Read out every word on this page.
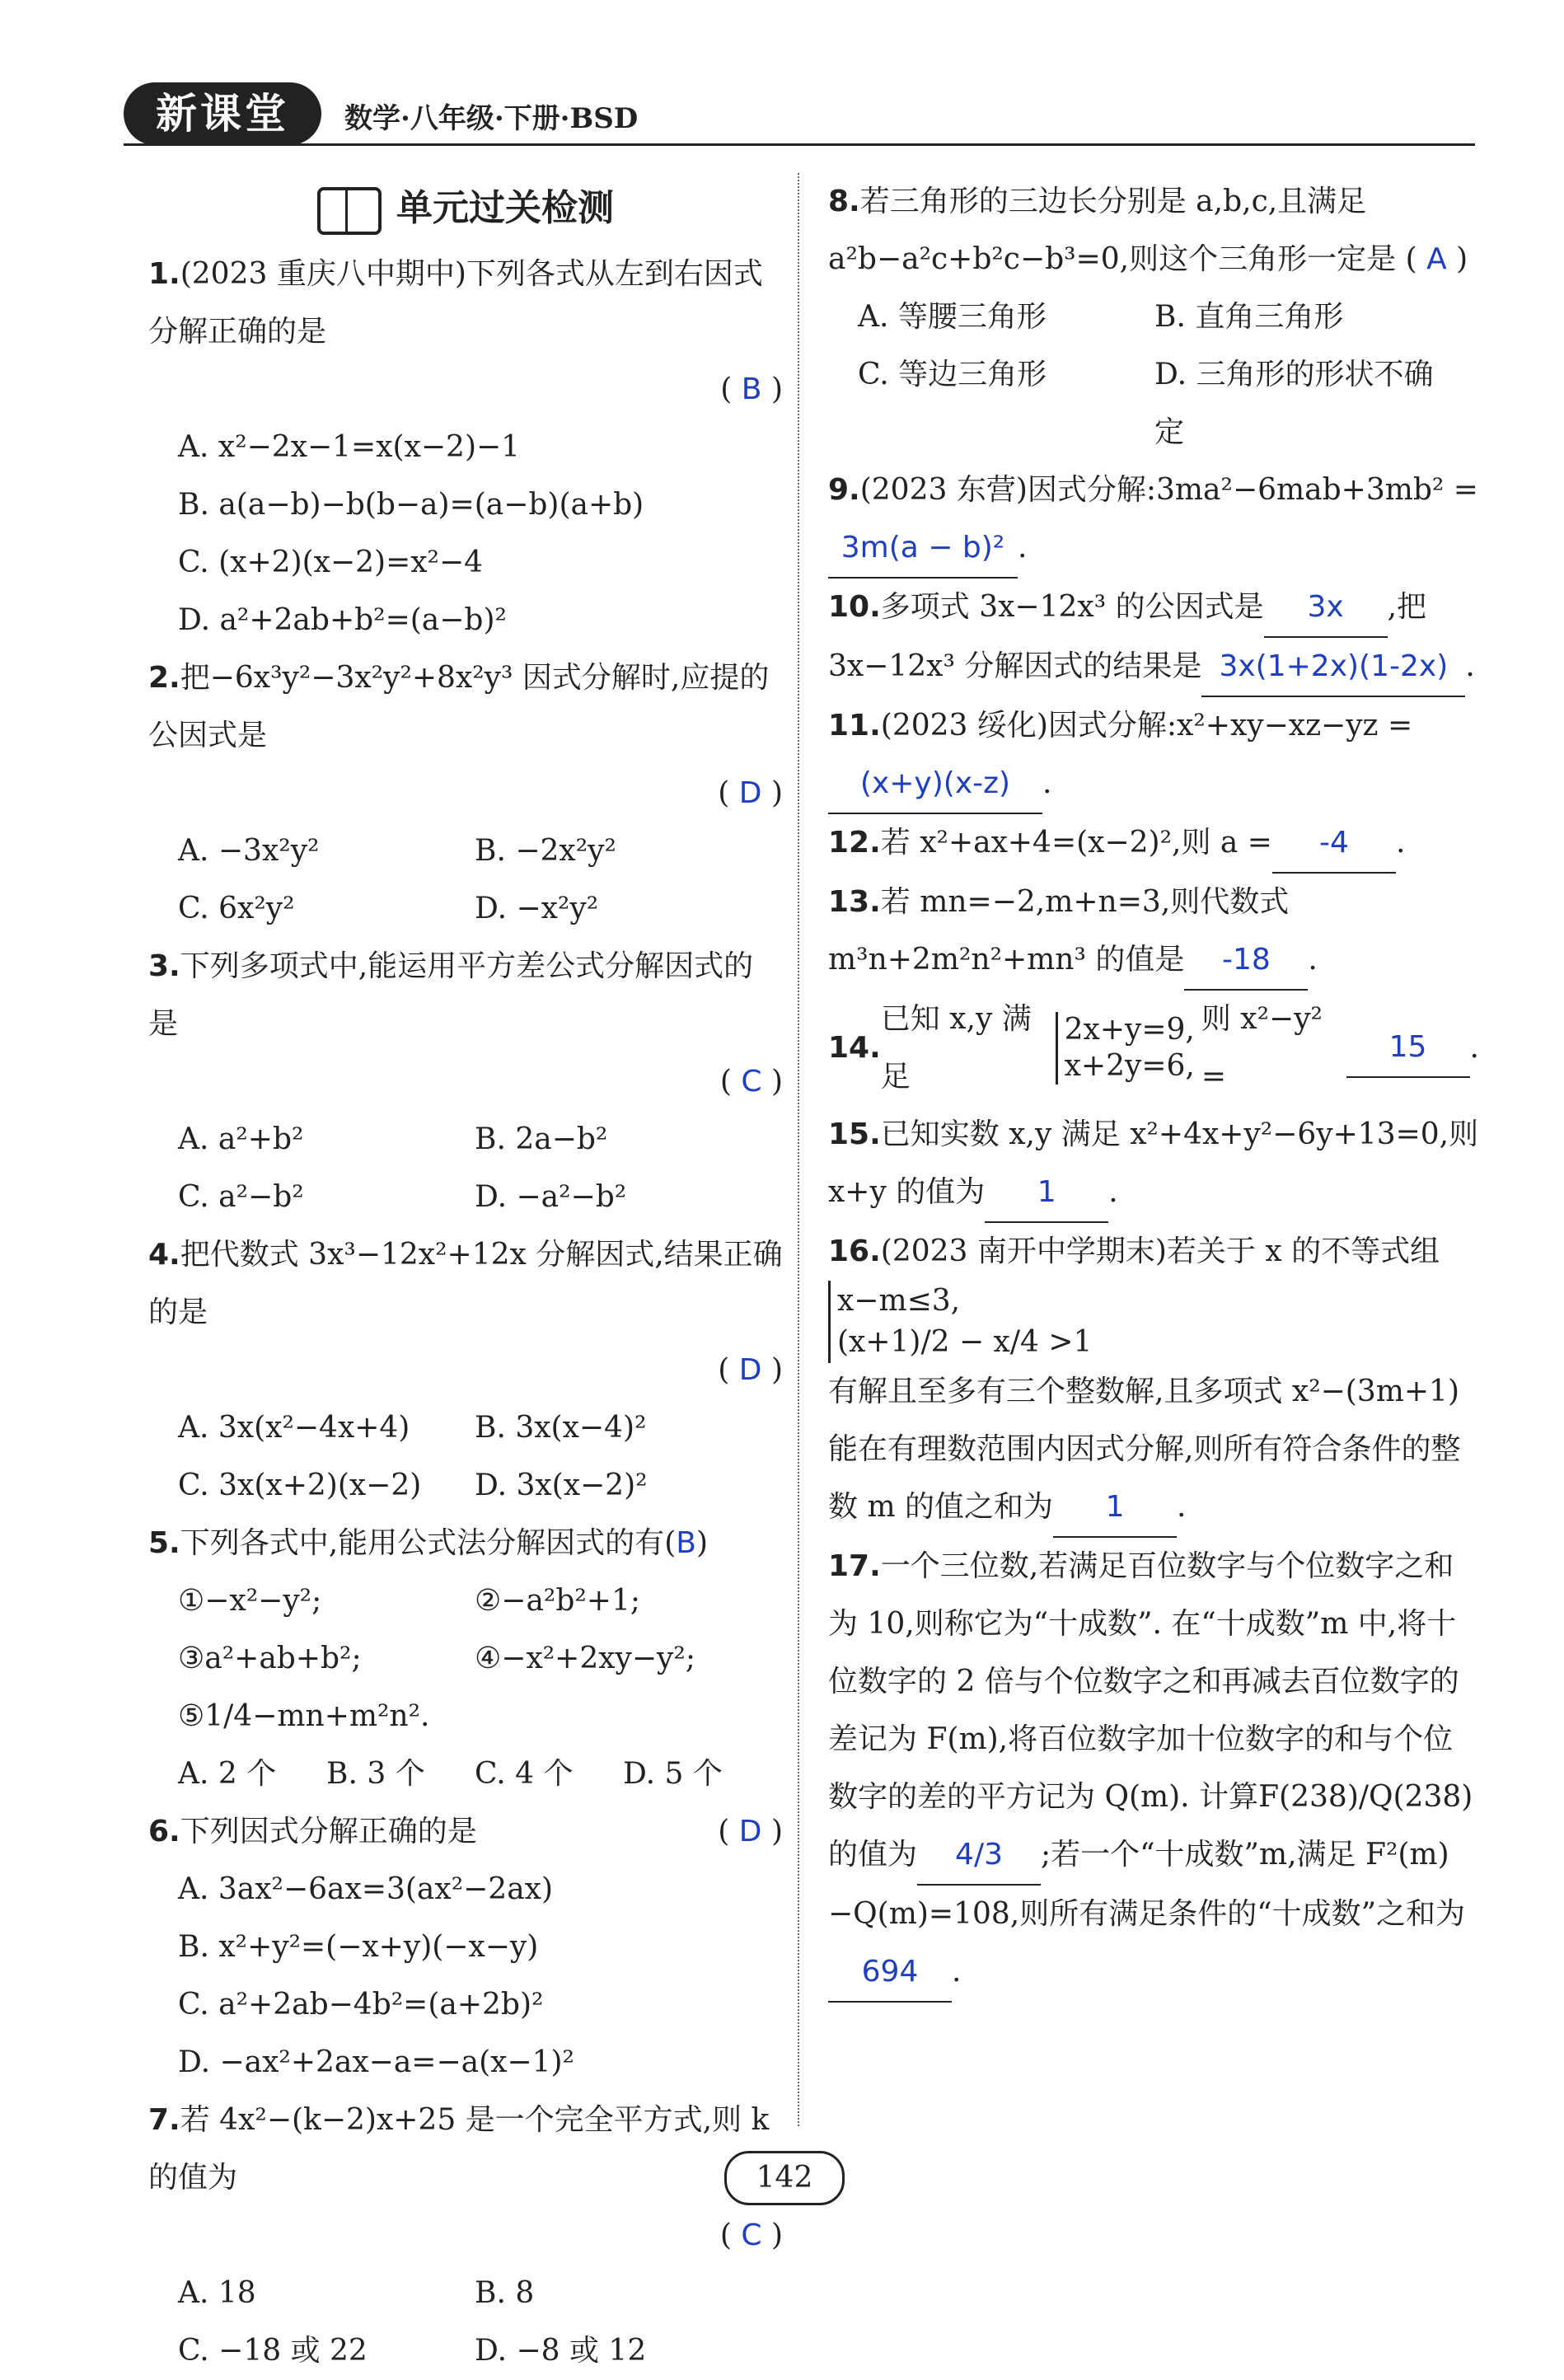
新课堂	数学·八年级·下册·BSD
单元过关检测
1.(2023 重庆八中期中)下列各式从左到右因式分解正确的是
( B )
A. x²−2x−1=x(x−2)−1
B. a(a−b)−b(b−a)=(a−b)(a+b)
C. (x+2)(x−2)=x²−4
D. a²+2ab+b²=(a−b)²
2.把−6x³y²−3x²y²+8x²y³ 因式分解时,应提的公因式是
( D )
A. −3x²y²	B. −2x²y²
C. 6x²y²	D. −x²y²
3.下列多项式中,能运用平方差公式分解因式的是
( C )
A. a²+b²	B. 2a−b²
C. a²−b²	D. −a²−b²
4.把代数式 3x³−12x²+12x 分解因式,结果正确的是
( D )
A. 3x(x²−4x+4)	B. 3x(x−4)²
C. 3x(x+2)(x−2)	D. 3x(x−2)²
5.下列各式中,能用公式法分解因式的有(B)
①−x²−y²;	②−a²b²+1;
③a²+ab+b²;	④−x²+2xy−y²;
⑤1/4−mn+m²n².
A. 2 个	B. 3 个	C. 4 个	D. 5 个
6.下列因式分解正确的是	( D )
A. 3ax²−6ax=3(ax²−2ax)
B. x²+y²=(−x+y)(−x−y)
C. a²+2ab−4b²=(a+2b)²
D. −ax²+2ax−a=−a(x−1)²
7.若 4x²−(k−2)x+25 是一个完全平方式,则 k 的值为
( C )
A. 18	B. 8
C. −18 或 22	D. −8 或 12
8.若三角形的三边长分别是 a,b,c,且满足 a²b−a²c+b²c−b³=0,则这个三角形一定是 ( A )
A. 等腰三角形	B. 直角三角形
C. 等边三角形	D. 三角形的形状不确定
9.(2023 东营)因式分解:3ma²−6mab+3mb² =
3m(a − b)² .
10.多项式 3x−12x³ 的公因式是 3x ,把 3x−12x³ 分解因式的结果是 3x(1+2x)(1-2x) .
11.(2023 绥化)因式分解:x²+xy−xz−yz =
(x+y)(x-z) .
12.若 x²+ax+4=(x−2)²,则 a = -4 .
13.若 mn=−2,m+n=3,则代数式 m³n+2m²n²+mn³ 的值是 -18 .
14.
已知 x,y 满足
2x+y=9,
x+2y=6,
则 x²−y² =
15	.
15.已知实数 x,y 满足 x²+4x+y²−6y+13=0,则 x+y 的值为 1 .
16.(2023 南开中学期末)若关于 x 的不等式组
x−m≤3,
(x+1)/2 − x/4 >1
有解且至多有三个整数解,且多项式 x²−(3m+1) 能在有理数范围内因式分解,则所有符合条件的整数 m 的值之和为 1 .
17.一个三位数,若满足百位数字与个位数字之和为 10,则称它为“十成数”. 在“十成数”m 中,将十位数字的 2 倍与个位数字之和再减去百位数字的差记为 F(m),将百位数字加十位数字的和与个位数字的差的平方记为 Q(m). 计算F(238)/Q(238)的值为 4/3 ;若一个“十成数”m,满足 F²(m)−Q(m)=108,则所有满足条件的“十成数”之和为694 .
142
